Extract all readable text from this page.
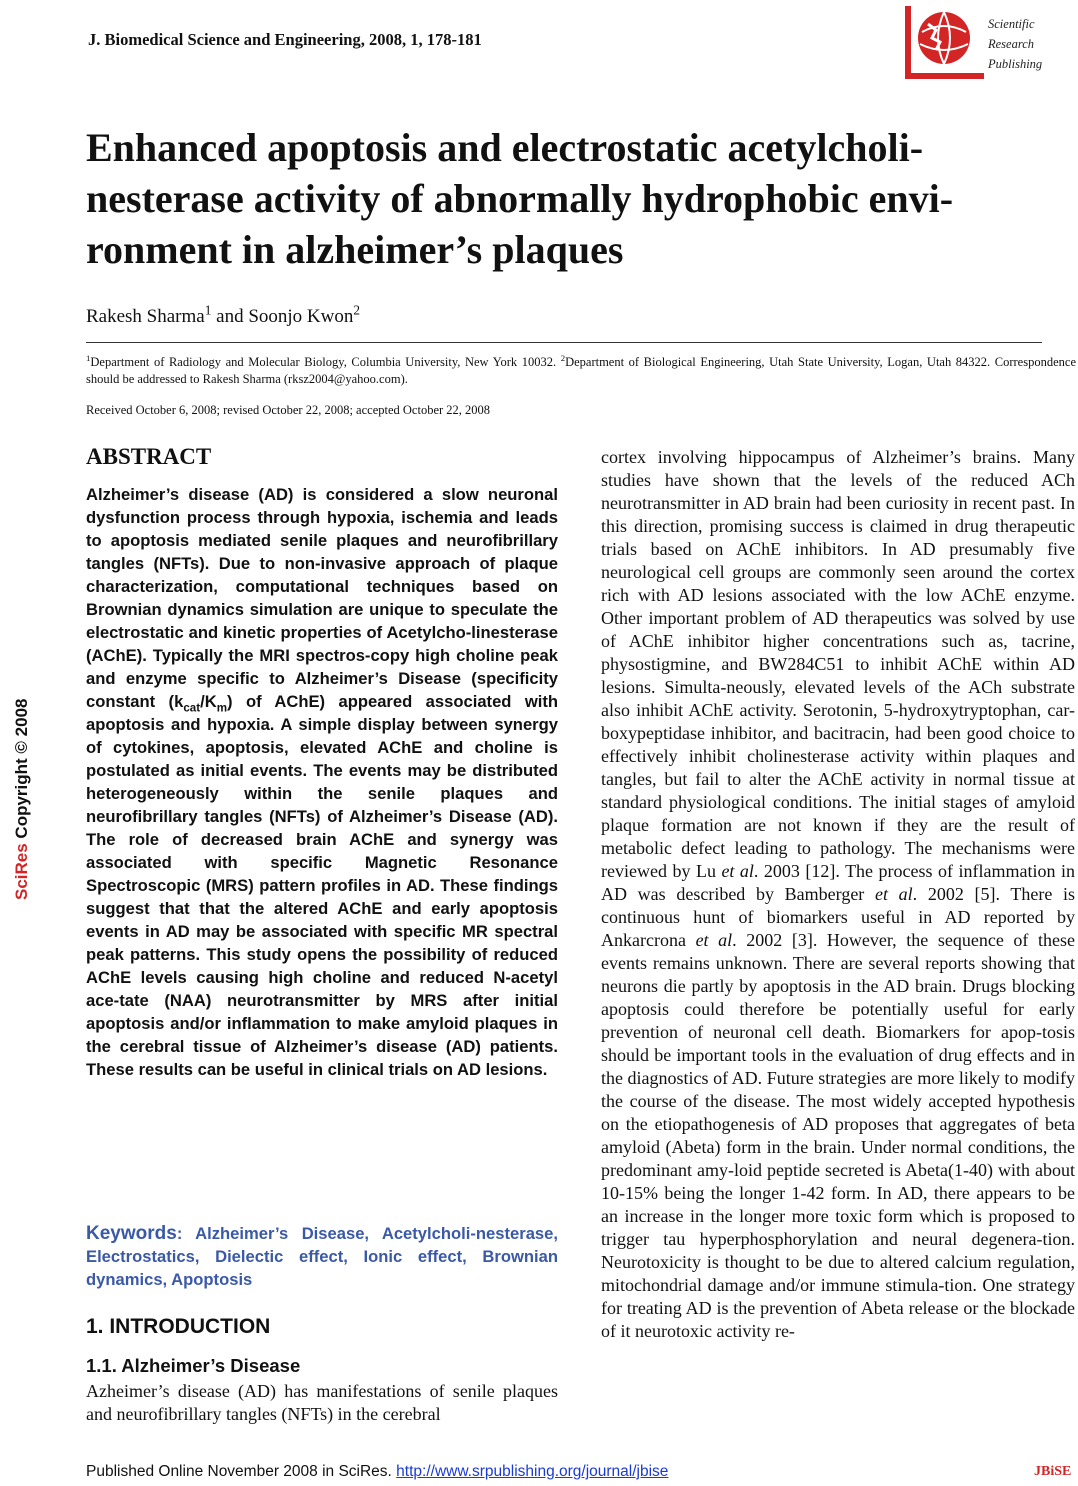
J. Biomedical Science and Engineering, 2008, 1, 178-181
Scientific
Research
Publishing
Enhanced apoptosis and electrostatic acetylcholi-nesterase activity of abnormally hydrophobic envi-ronment in alzheimer’s plaques
Rakesh Sharma$^1$ and Soonjo Kwon$^2$
$^1$Department of Radiology and Molecular Biology, Columbia University, New York 10032. $^2$Department of Biological Engineering, Utah State University, Logan, Utah 84322. Correspondence should be addressed to Rakesh Sharma (rksz2004@yahoo.com).
Received October 6, 2008; revised October 22, 2008; accepted October 22, 2008
ABSTRACT

Alzheimer’s disease (AD) is considered a slow neuronal dysfunction process through hypoxia, ischemia and leads to apoptosis mediated senile plaques and neurofibrillary tangles (NFTs). Due to non-invasive approach of plaque characterization, computational techniques based on Brownian dynamics simulation are unique to speculate the electrostatic and kinetic properties of Acetylcho-linesterase (AChE). Typically the MRI spectros-copy high choline peak and enzyme specific to Alzheimer’s Disease (specificity constant $(k_{cat}/K_m)$ of AChE) appeared associated with apoptosis and hypoxia. A simple display between synergy of cytokines, apoptosis, elevated AChE and choline is postulated as initial events. The events may be distributed heterogeneously within the senile plaques and neurofibrillary tangles (NFTs) of Alzheimer’s Disease (AD). The role of decreased brain AChE and synergy was associated with specific Magnetic Resonance Spectroscopic (MRS) pattern profiles in AD. These findings suggest that that the altered AChE and early apoptosis events in AD may be associated with specific MR spectral peak patterns. This study opens the possibility of reduced AChE levels causing high choline and reduced N-acetyl ace-tate (NAA) neurotransmitter by MRS after initial apoptosis and/or inflammation to make amyloid plaques in the cerebral tissue of Alzheimer’s disease (AD) patients. These results can be useful in clinical trials on AD lesions.

Keywords: Alzheimer’s Disease, Acetylcholi-nesterase, Electrostatics, Dielectic effect, Ionic effect, Brownian dynamics, Apoptosis

1. INTRODUCTION
1.1. Alzheimer’s Disease

Azheimer’s disease (AD) has manifestations of senile plaques and neurofibrillary tangles (NFTs) in the cerebral

cortex involving hippocampus of Alzheimer’s brains. Many studies have shown that the levels of the reduced ACh neurotransmitter in AD brain had been curiosity in recent past. In this direction, promising success is claimed in drug therapeutic trials based on AChE inhibitors. In AD presumably five neurological cell groups are commonly seen around the cortex rich with AD lesions associated with the low AChE enzyme. Other important problem of AD therapeutics was solved by use of AChE inhibitor higher concentrations such as, tacrine, physostigmine, and BW284C51 to inhibit AChE within AD lesions. Simulta-neously, elevated levels of the ACh substrate also inhibit AChE activity. Serotonin, 5-hydroxytryptophan, car-boxypeptidase inhibitor, and bacitracin, had been good choice to effectively inhibit cholinesterase activity within plaques and tangles, but fail to alter the AChE activity in normal tissue at standard physiological conditions. The initial stages of amyloid plaque formation are not known if they are the result of metabolic defect leading to pathology. The mechanisms were reviewed by Lu et al. 2003 [12]. The process of inflammation in AD was described by Bamberger et al. 2002 [5]. There is continuous hunt of biomarkers useful in AD reported by Ankarcrona et al. 2002 [3]. However, the sequence of these events remains unknown. There are several reports showing that neurons die partly by apoptosis in the AD brain. Drugs blocking apoptosis could therefore be potentially useful for early prevention of neuronal cell death. Biomarkers for apop-tosis should be important tools in the evaluation of drug effects and in the diagnostics of AD. Future strategies are more likely to modify the course of the disease. The most widely accepted hypothesis on the etiopathogenesis of AD proposes that aggregates of beta amyloid (Abeta) form in the brain. Under normal conditions, the predominant amy-loid peptide secreted is Abeta(1-40) with about 10-15% being the longer 1-42 form. In AD, there appears to be an increase in the longer more toxic form which is proposed to trigger tau hyperphosphorylation and neural degenera-tion. Neurotoxicity is thought to be due to altered calcium regulation, mitochondrial damage and/or immune stimula-tion. One strategy for treating AD is the prevention of Abeta release or the blockade of it neurotoxic activity re-

SciRes Copyright © 2008
Published Online November 2008 in SciRes. http://www.srpublishing.org/journal/jbise	JBiSE
